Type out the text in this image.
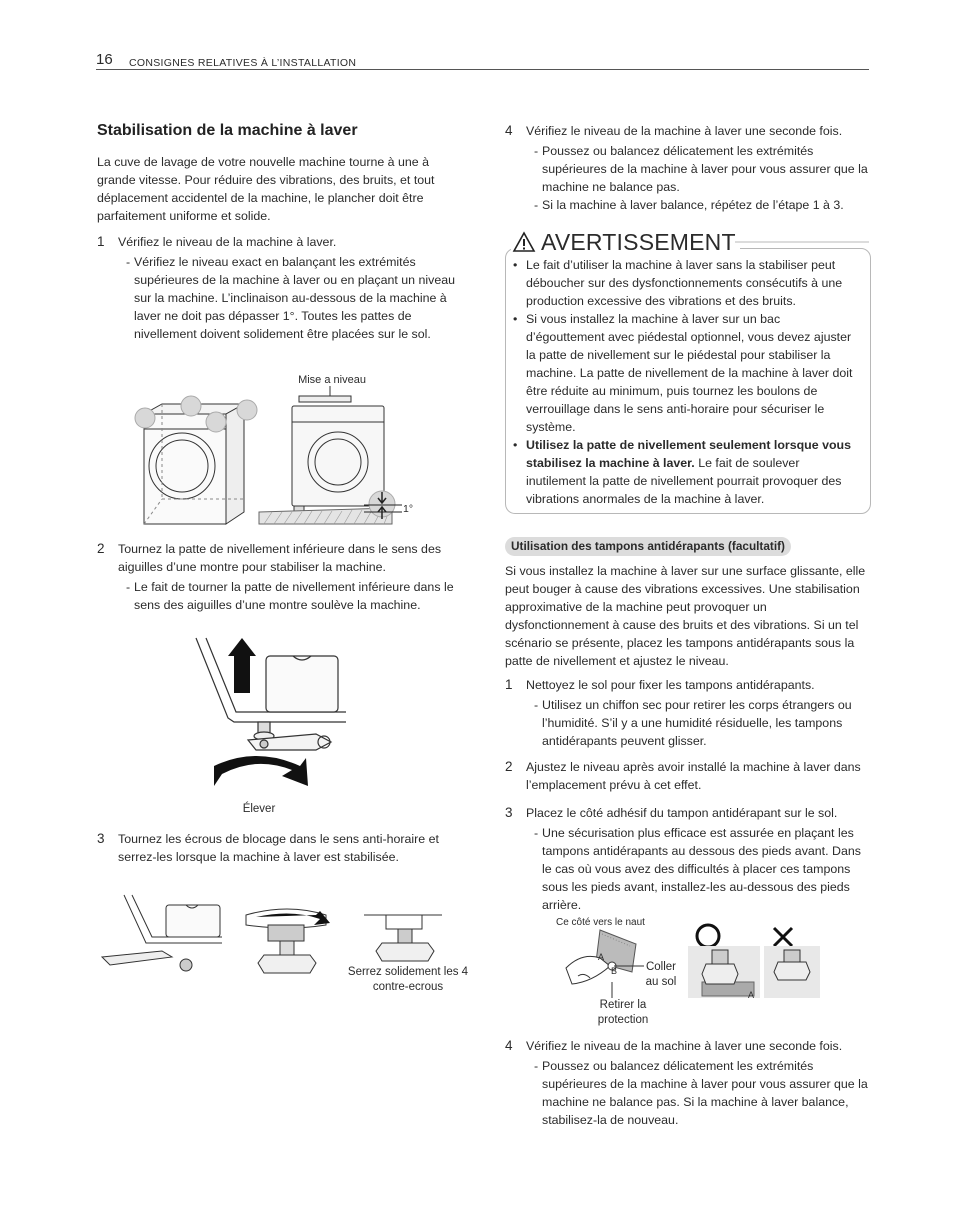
16 CONSIGNES RELATIVES À L’INSTALLATION
Stabilisation de la machine à laver

La cuve de lavage de votre nouvelle machine tourne à une à grande vitesse. Pour réduire des vibrations, des bruits, et tout déplacement accidentel de la machine, le plancher doit être parfaitement uniforme et solide.

1 Vérifiez le niveau de la machine à laver.
- Vérifiez le niveau exact en balançant les extrémités supérieures de la machine à laver ou en plaçant un niveau sur la machine. L’inclinaison au-dessous de la machine à laver ne doit pas dépasser 1°. Toutes les pattes de nivellement doivent solidement être placées sur le sol.
2 Tournez la patte de nivellement inférieure dans le sens des aiguilles d’une montre pour stabiliser la machine.
- Le fait de tourner la patte de nivellement inférieure dans le sens des aiguilles d’une montre soulève la machine.
3 Tournez les écrous de blocage dans le sens anti-horaire et serrez-les lorsque la machine à laver est stabilisée.
Mise a niveau
1°
Élever
Serrez solidement les 4 contre-ecrous
4 Vérifiez le niveau de la machine à laver une seconde fois.
- Poussez ou balancez délicatement les extrémités supérieures de la machine à laver pour vous assurer que la machine ne balance pas.
- Si la machine à laver balance, répétez de l’étape 1 à 3.
AVERTISSEMENT
• Le fait d’utiliser la machine à laver sans la stabiliser peut déboucher sur des dysfonctionnements consécutifs à une production excessive des vibrations et des bruits.
• Si vous installez la machine à laver sur un bac d’égouttement avec piédestal optionnel, vous devez ajuster la patte de nivellement sur le piédestal pour stabiliser la machine. La patte de nivellement de la machine à laver doit être réduite au minimum, puis tournez les boulons de verrouillage dans le sens anti-horaire pour sécuriser le système.
• Utilisez la patte de nivellement seulement lorsque vous stabilisez la machine à laver. Le fait de soulever inutilement la patte de nivellement pourrait provoquer des vibrations anormales de la machine à laver.
Utilisation des tampons antidérapants (facultatif)

Si vous installez la machine à laver sur une surface glissante, elle peut bouger à cause des vibrations excessives. Une stabilisation approximative de la machine peut provoquer un dysfonctionnement à cause des bruits et des vibrations. Si un tel scénario se présente, placez les tampons antidérapants sous la patte de nivellement et ajustez le niveau.

1 Nettoyez le sol pour fixer les tampons antidérapants.
- Utilisez un chiffon sec pour retirer les corps étrangers ou l’humidité. S’il y a une humidité résiduelle, les tampons antidérapants peuvent glisser.
2 Ajustez le niveau après avoir installé la machine à laver dans l’emplacement prévu à cet effet.
3 Placez le côté adhésif du tampon antidérapant sur le sol.
- Une sécurisation plus efficace est assurée en plaçant les tampons antidérapants au dessous des pieds avant. Dans le cas où vous avez des difficultés à placer ces tampons sous les pieds avant, installez-les au-dessous des pieds arrière.
Ce côté vers le naut
A
B
A
Coller au sol
Retirer la protection
4 Vérifiez le niveau de la machine à laver une seconde fois.
- Poussez ou balancez délicatement les extrémités supérieures de la machine à laver pour vous assurer que la machine ne balance pas. Si la machine à laver balance, stabilisez-la de nouveau.
